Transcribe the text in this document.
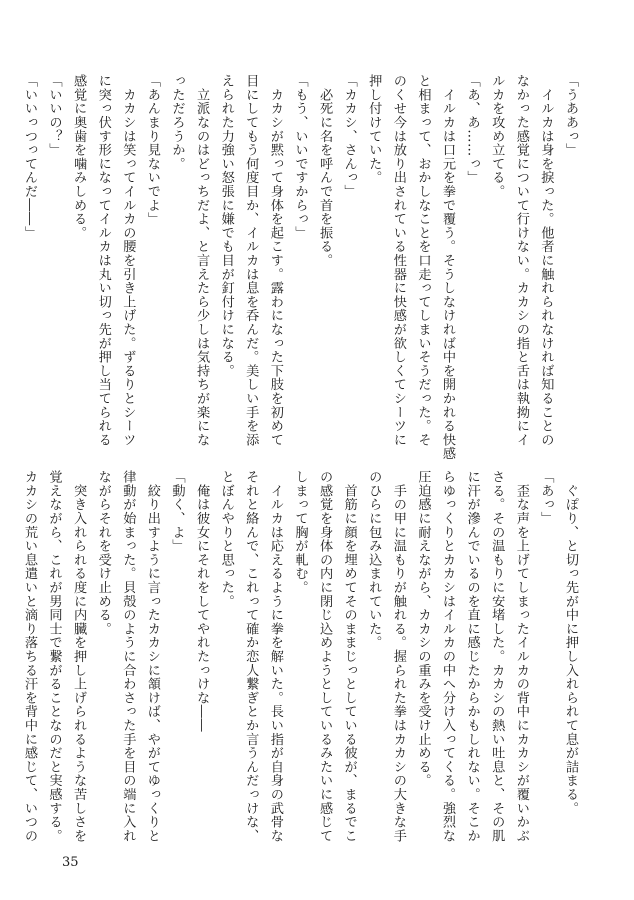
「うああっ」
　イルカは身を捩った。他者に触れられなければ知ることの
なかった感覚について行けない。カカシの指と舌は執拗にイ
ルカを攻め立てる。
「あ、あ……っ」
　イルカは口元を拳で覆う。そうしなければ中を開かれる快感
と相まって、おかしなことを口走ってしまいそうだった。そ
のくせ今は放り出されている性器に快感が欲しくてシーツに
押し付けていた。
「カカシ、さんっ」
　必死に名を呼んで首を振る。
「もう、いいですからっ」
　カカシが黙って身体を起こす。露わになった下肢を初めて
目にしてもう何度目か、イルカは息を呑んだ。美しい手を添
えられた力強い怒張に嫌でも目が釘付けになる。
　立派なのはどっちだよ、と言えたら少しは気持ちが楽にな
っただろうか。
「あんまり見ないでよ」
　カカシは笑ってイルカの腰を引き上げた。ずるりとシーツ
に突っ伏す形になってイルカは丸い切っ先が押し当てられる
感覚に奥歯を噛みしめる。
「いいの？」
「いいっつってんだ――」
　ぐぽり、と切っ先が中に押し入れられて息が詰まる。
「あっ」
　歪な声を上げてしまったイルカの背中にカカシが覆いかぶ
さる。その温もりに安堵した。カカシの熱い吐息と、その肌
に汗が滲んでいるのを直に感じたからかもしれない。そこか
らゆっくりとカカシはイルカの中へ分け入ってくる。強烈な
圧迫感に耐えながら、カカシの重みを受け止める。
　手の甲に温もりが触れる。握られた拳はカカシの大きな手
のひらに包み込まれていた。
　首筋に顔を埋めてそのままじっとしている彼が、まるでこ
の感覚を身体の内に閉じ込めようとしているみたいに感じて
しまって胸が軋む。
　イルカは応えるように拳を解いた。長い指が自身の武骨な
それと絡んで、これって確か恋人繋ぎとか言うんだっけな、
とぼんやりと思った。
　俺は彼女にそれをしてやれたっけな――
「動く、よ」
　絞り出すように言ったカカシに頷けば、やがてゆっくりと
律動が始まった。貝殻のように合わさった手を目の端に入れ
ながらそれを受け止める。
　突き入れられる度に内臓を押し上げられるような苦しさを
覚えながら、これが男同士で繋がることなのだと実感する。
カカシの荒い息遣いと滴り落ちる汗を背中に感じて、いつの
35
